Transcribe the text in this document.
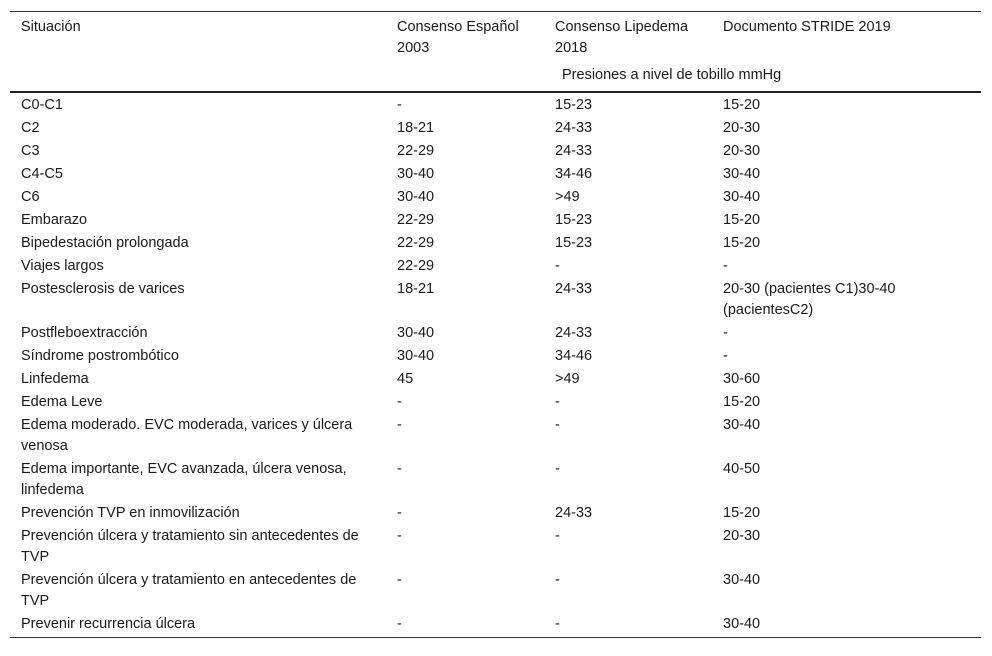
Situación	Consenso Español 2003	Consenso Lipedema 2018	Documento STRIDE 2019
		Presiones a nivel de tobillo mmHg	
C0-C1	-	15-23	15-20
C2	18-21	24-33	20-30
C3	22-29	24-33	20-30
C4-C5	30-40	34-46	30-40
C6	30-40	>49	30-40
Embarazo	22-29	15-23	15-20
Bipedestación prolongada	22-29	15-23	15-20
Viajes largos	22-29	-	-
Postesclerosis de varices	18-21	24-33	20-30 (pacientes C1)30-40 (pacientesC2)
Postfleboextracción	30-40	24-33	-
Síndrome postrombótico	30-40	34-46	-
Linfedema	45	>49	30-60
Edema Leve	-	-	15-20
Edema moderado. EVC moderada, varices y úlcera venosa	-	-	30-40
Edema importante, EVC avanzada, úlcera venosa, linfedema	-	-	40-50
Prevención TVP en inmovilización	-	24-33	15-20
Prevención úlcera y tratamiento sin antecedentes de TVP	-	-	20-30
Prevención úlcera y tratamiento en antecedentes de TVP	-	-	30-40
Prevenir recurrencia úlcera	-	-	30-40
